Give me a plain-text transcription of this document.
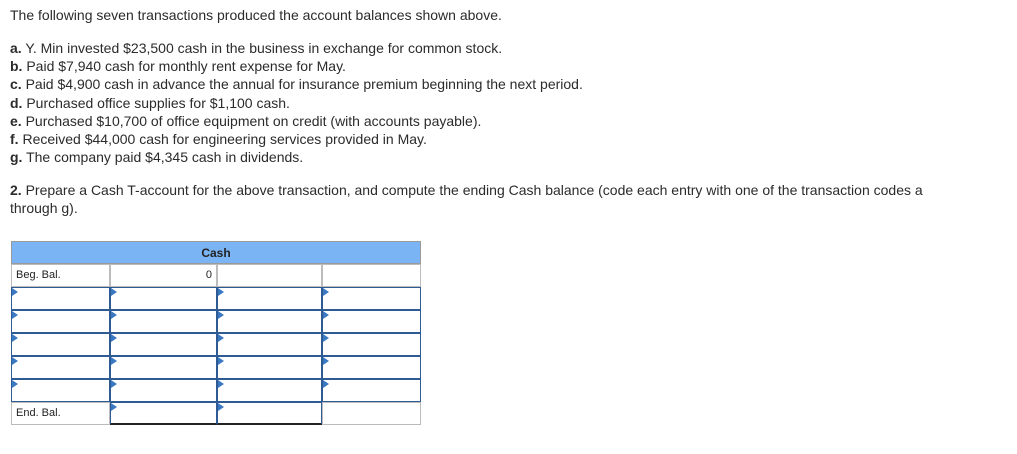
The following seven transactions produced the account balances shown above.

a. Y. Min invested $23,500 cash in the business in exchange for common stock.
b. Paid $7,940 cash for monthly rent expense for May.
c. Paid $4,900 cash in advance the annual for insurance premium beginning the next period.
d. Purchased office supplies for $1,100 cash.
e. Purchased $10,700 of office equipment on credit (with accounts payable).
f. Received $44,000 cash for engineering services provided in May.
g. The company paid $4,345 cash in dividends.

2. Prepare a Cash T-account for the above transaction, and compute the ending Cash balance (code each entry with one of the transaction codes a through g).

Cash
Beg. Bal.	0
End. Bal.
